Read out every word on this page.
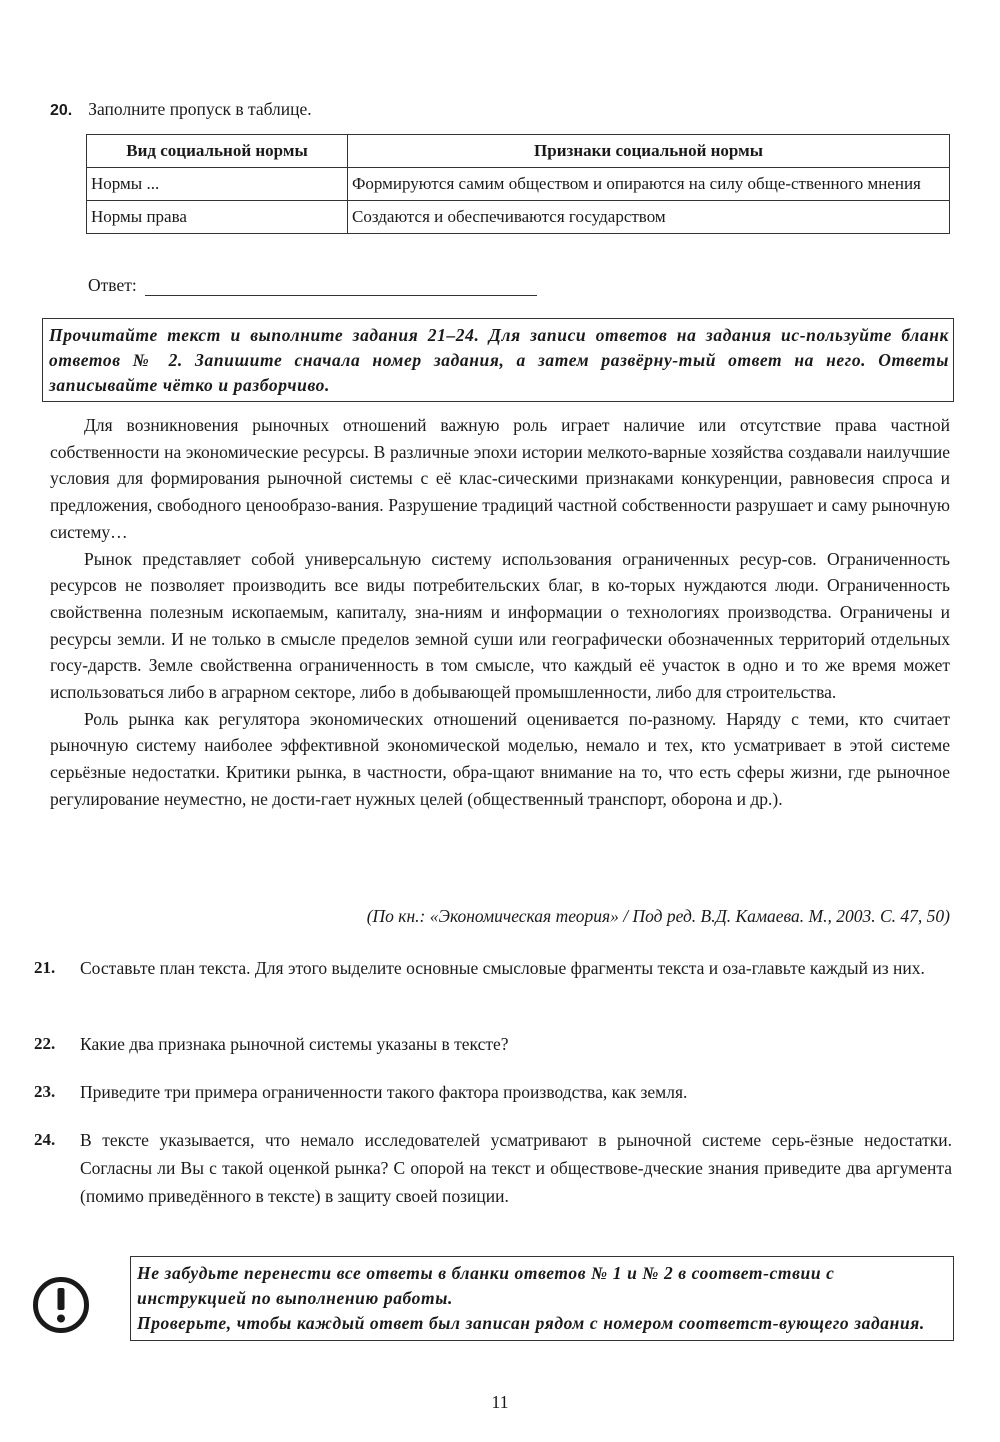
20. Заполните пропуск в таблице.
Вид социальной нормы	Признаки социальной нормы
Нормы ...	Формируются самим обществом и опираются на силу обще-ственного мнения
Нормы права	Создаются и обеспечиваются государством
Ответ:
Прочитайте текст и выполните задания 21–24. Для записи ответов на задания ис-пользуйте бланк ответов № 2. Запишите сначала номер задания, а затем развёрну-тый ответ на него. Ответы записывайте чётко и разборчиво.

Для возникновения рыночных отношений важную роль играет наличие или отсутствие права частной собственности на экономические ресурсы. В различные эпохи истории мелкото-варные хозяйства создавали наилучшие условия для формирования рыночной системы с её клас-сическими признаками конкуренции, равновесия спроса и предложения, свободного ценообразо-вания. Разрушение традиций частной собственности разрушает и саму рыночную систему…

Рынок представляет собой универсальную систему использования ограниченных ресур-сов. Ограниченность ресурсов не позволяет производить все виды потребительских благ, в ко-торых нуждаются люди. Ограниченность свойственна полезным ископаемым, капиталу, зна-ниям и информации о технологиях производства. Ограничены и ресурсы земли. И не только в смысле пределов земной суши или географически обозначенных территорий отдельных госу-дарств. Земле свойственна ограниченность в том смысле, что каждый её участок в одно и то же время может использоваться либо в аграрном секторе, либо в добывающей промышленности, либо для строительства.

Роль рынка как регулятора экономических отношений оценивается по-разному. Наряду с теми, кто считает рыночную систему наиболее эффективной экономической моделью, немало и тех, кто усматривает в этой системе серьёзные недостатки. Критики рынка, в частности, обра-щают внимание на то, что есть сферы жизни, где рыночное регулирование неуместно, не дости-гает нужных целей (общественный транспорт, оборона и др.).

(По кн.: «Экономическая теория» / Под ред. В.Д. Камаева. М., 2003. С. 47, 50)
21. Составьте план текста. Для этого выделите основные смысловые фрагменты текста и оза-главьте каждый из них.
22. Какие два признака рыночной системы указаны в тексте?
23. Приведите три примера ограниченности такого фактора производства, как земля.
24. В тексте указывается, что немало исследователей усматривают в рыночной системе серь-ёзные недостатки. Согласны ли Вы с такой оценкой рынка? С опорой на текст и обществове-дческие знания приведите два аргумента (помимо приведённого в тексте) в защиту своей позиции.

Не забудьте перенести все ответы в бланки ответов № 1 и № 2 в соответ-ствии с инструкцией по выполнению работы.

Проверьте, чтобы каждый ответ был записан рядом с номером соответст-вующего задания.

11
